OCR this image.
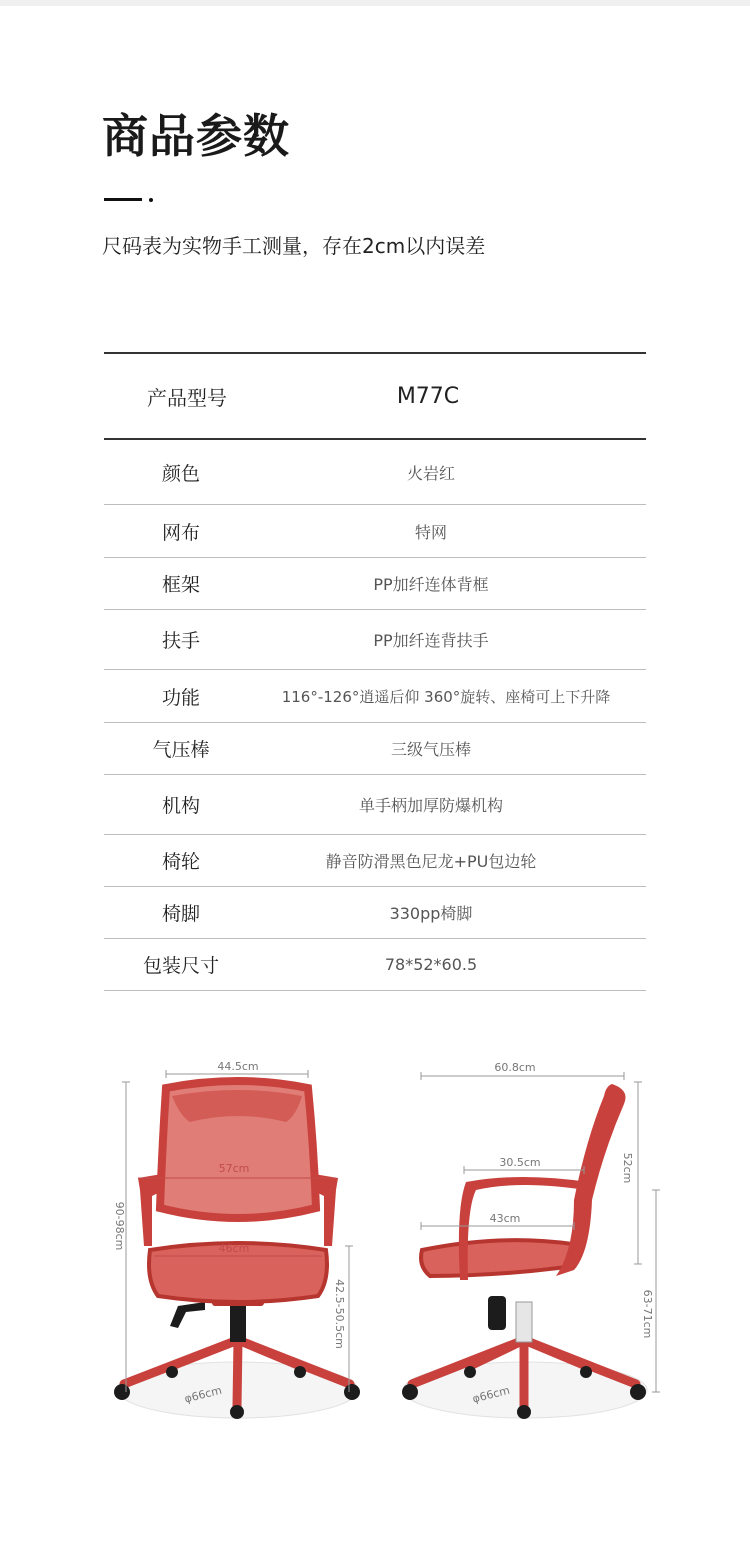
商品参数
尺码表为实物手工测量，存在2cm以内误差
产品型号	M77C
颜色	火岩红
网布	特网
框架	PP加纤连体背框
扶手	PP加纤连背扶手
功能	116°-126°逍遥后仰 360°旋转、座椅可上下升降
气压棒	三级气压棒
机构	单手柄加厚防爆机构
椅轮	静音防滑黑色尼龙+PU包边轮
椅脚	330pp椅脚
包装尺寸	78*52*60.5
44.5cm
57cm
46cm
90-98cm
42.5-50.5cm
φ66cm
60.8cm
30.5cm
43cm
52cm
63-71cm
φ66cm
